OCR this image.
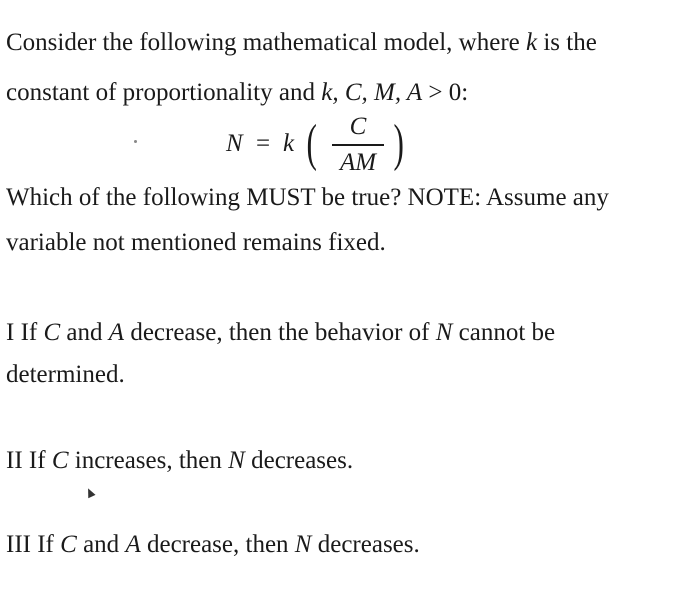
Consider the following mathematical model, where k is the
constant of proportionality and k, C, M, A > 0:
N = k (	C
AM )
Which of the following MUST be true? NOTE: Assume any
variable not mentioned remains fixed.
I If C and A decrease, then the behavior of N cannot be
determined.
II If C increases, then N decreases.
III If C and A decrease, then N decreases.
